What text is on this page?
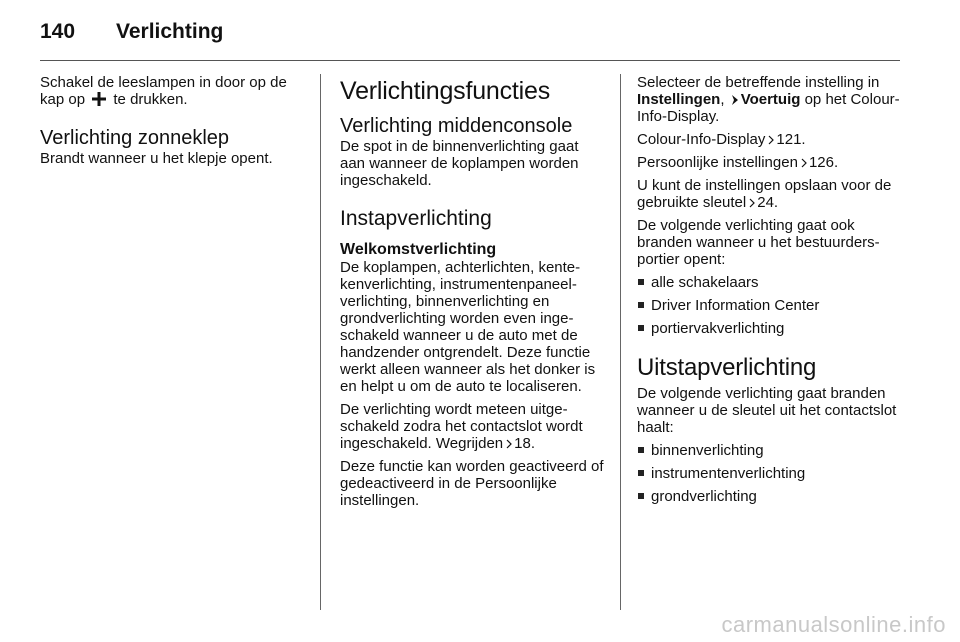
140 Verlichting

Schakel de leeslampen in door op de kap op te drukken.

Verlichting zonneklep

Brandt wanneer u het klepje opent.

Verlichtingsfuncties
Verlichting middenconsole

De spot in de binnenverlichting gaat aan wanneer de koplampen worden ingeschakeld.

Instapverlichting
Welkomstverlichting

De koplampen, achterlichten, kentekenverlichting, instrumentenpaneelverlichting, binnenverlichting en grondverlichting worden even ingeschakeld wanneer u de auto met de handzender ontgrendelt. Deze functie werkt alleen wanneer als het donker is en helpt u om de auto te localiseren.

De verlichting wordt meteen uitgeschakeld zodra het contactslot wordt ingeschakeld. Wegrijden 18.

Deze functie kan worden geactiveerd of gedeactiveerd in de Persoonlijke instellingen.

Selecteer de betreffende instelling in Instellingen, Voertuig op het Colour-Info-Display.

Colour-Info-Display 121.

Persoonlijke instellingen 126.

U kunt de instellingen opslaan voor de gebruikte sleutel 24.

De volgende verlichting gaat ook branden wanneer u het bestuurdersportier opent:

alle schakelaars
Driver Information Center
portiervakverlichting
Uitstapverlichting

De volgende verlichting gaat branden wanneer u de sleutel uit het contactslot haalt:

binnenverlichting
instrumentenverlichting
grondverlichting
carmanualsonline.info
